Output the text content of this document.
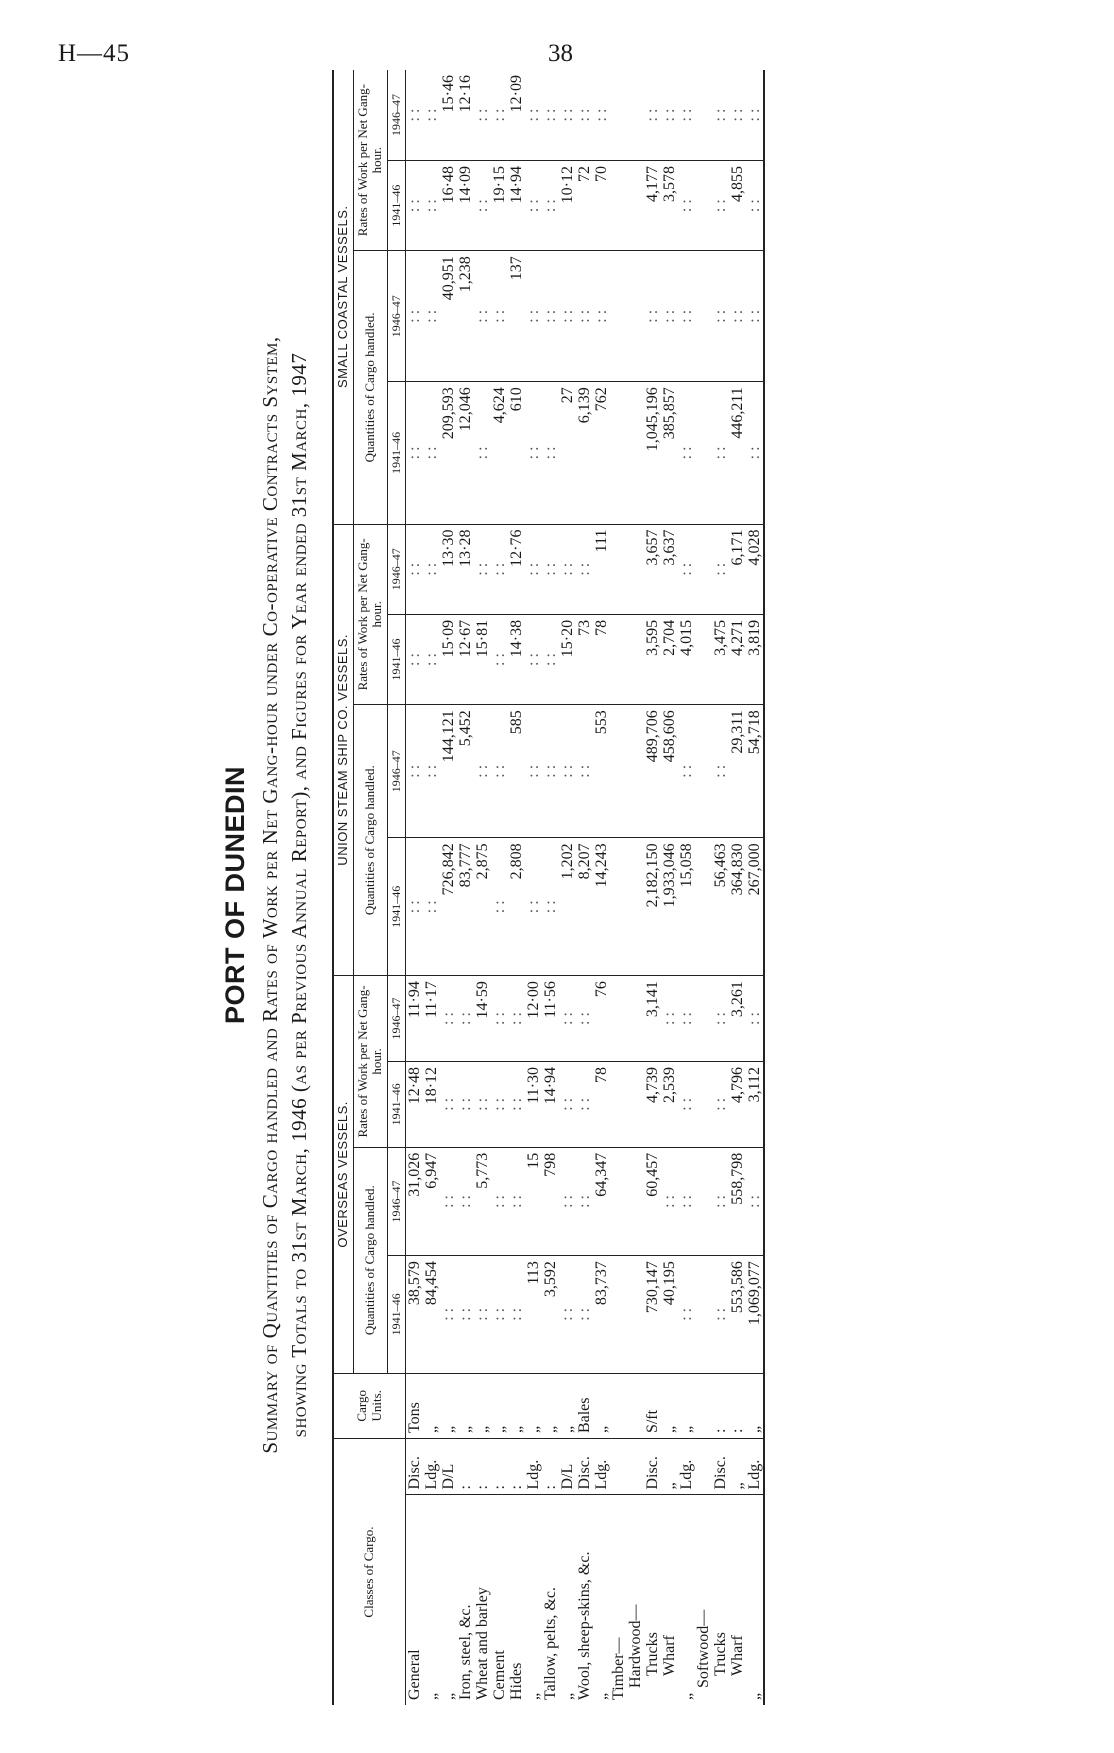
H—45	38
PORT OF DUNEDIN Summary of Quantities of Cargo handled and Rates of Work per Net Gang-hour under Co-operative Contracts System, showing Totals to 31st March, 1946 (as per Previous Annual Report), and Figures for Year ended 31st March, 1947
Classes of Cargo.		Cargo Units.	OVERSEAS VESSELS.				UNION STEAM SHIP CO. VESSELS.				SMALL COASTAL VESSELS.			
			Quantities of Cargo handled.		Rates of Work per Net Gang-hour.		Quantities of Cargo handled.		Rates of Work per Net Gang-hour.		Quantities of Cargo handled.		Rates of Work per Net Gang-hour.	
			1941–46	1946–47	1941–46	1946–47	1941–46	1946–47	1941–46	1946–47	1941–46	1946–47	1941–46	1946–47
General	Disc.	Tons	38,579	31,026	12·48	11·94	: :	: :	: :	: :	: :	: :	: :	: :
„	Ldg.	„	84,454	6,947	18·12	11·17	: :	: :	: :	: :	: :	: :	: :	: :
„	D/L	„	: :	: :	: :	: :	726,842	144,121	15·09	13·30	209,593	40,951	16·48	15·46
Iron, steel, &c.	:	„	: :	: :	: :	: :	83,777	5,452	12·67	13·28	12,046	1,238	14·09	12·16
Wheat and barley	:	„	: :	5,773	: :	14·59	2,875	: :	15·81	: :	: :	: :	: :	: :
Cement	:	„	: :	: :	: :	: :	: :	: :	: :	: :	4,624	: :	19·15	: :
Hides	:	„	: :	: :	: :	: :	2,808	585	14·38	12·76	610	137	14·94	12·09
„	Ldg.	„	113	15	11·30	12·00	: :	: :	: :	: :	: :	: :	: :	: :
Tallow, pelts, &c.	:	„	3,592	798	14·94	11·56	: :	: :	: :	: :	: :	: :	: :	: :
„	D/L	„	: :	: :	: :	: :	1,202	: :	15·20	: :	27	: :	10·12	: :
Wool, sheep-skins, &c.	Disc.	Bales	: :	: :	: :	: :	8,207	: :	73	: :	6,139	: :	72	: :
„	Ldg.	„	83,737	64,347	78	76	14,243	553	78	111	762	: :	70	: :
Timber—														
Hardwood—														
Trucks	Disc.	S/ft	730,147	60,457	4,739	3,141	2,182,150	489,706	3,595	3,657	1,045,196	: :	4,177	: :
Wharf	„	„	40,195	: :	2,539	: :	1,933,046	458,606	2,704	3,637	385,857	: :	3,578	: :
„	Ldg.	„	: :	: :	: :	: :	15,058	: :	4,015	: :	: :	: :	: :	: :
Softwood—														
Trucks	Disc.	:	: :	: :	: :	: :	56,463	: :	3,475	: :	: :	: :	: :	: :
Wharf	„	:	553,586	558,798	4,796	3,261	364,830	29,311	4,271	6,171	446,211	: :	4,855	: :
„	Ldg.	„	1,069,077	: :	3,112	: :	267,000	54,718	3,819	4,028	: :	: :	: :	: :
